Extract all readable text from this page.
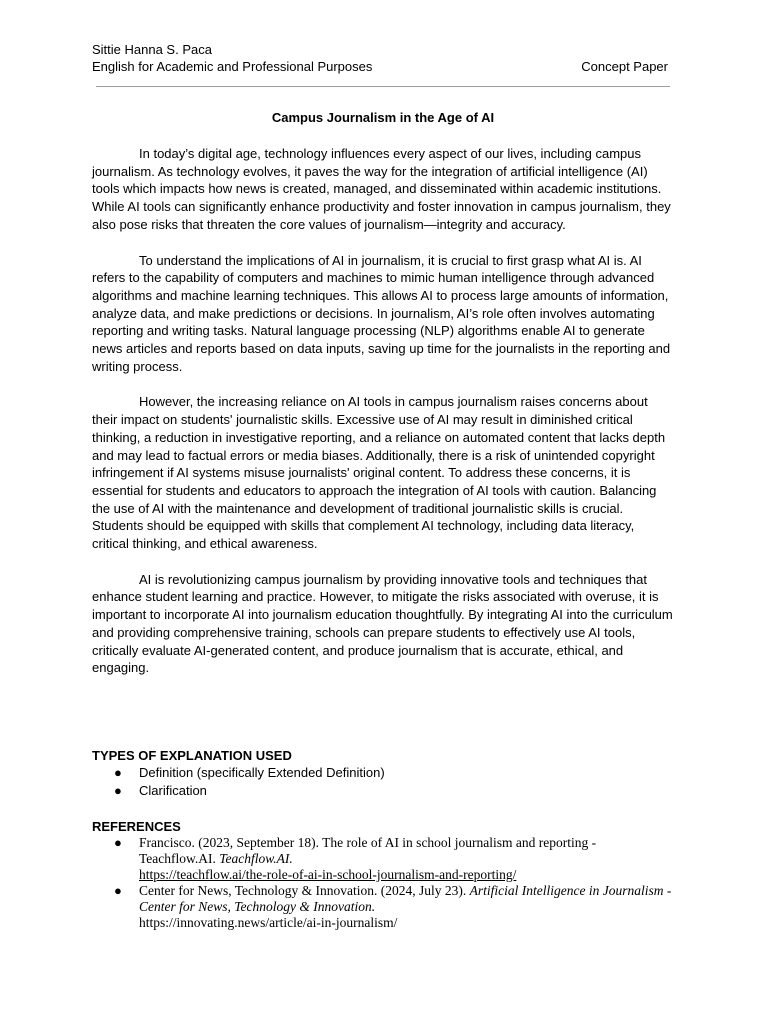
Sittie Hanna S. Paca
English for Academic and Professional Purposes	Concept Paper
Campus Journalism in the Age of AI

In today’s digital age, technology influences every aspect of our lives, including campus journalism. As technology evolves, it paves the way for the integration of artificial intelligence (AI) tools which impacts how news is created, managed, and disseminated within academic institutions. While AI tools can significantly enhance productivity and foster innovation in campus journalism, they also pose risks that threaten the core values of journalism—integrity and accuracy.

To understand the implications of AI in journalism, it is crucial to first grasp what AI is. AI refers to the capability of computers and machines to mimic human intelligence through advanced algorithms and machine learning techniques. This allows AI to process large amounts of information, analyze data, and make predictions or decisions. In journalism, AI’s role often involves automating reporting and writing tasks. Natural language processing (NLP) algorithms enable AI to generate news articles and reports based on data inputs, saving up time for the journalists in the reporting and writing process.

However, the increasing reliance on AI tools in campus journalism raises concerns about their impact on students' journalistic skills. Excessive use of AI may result in diminished critical thinking, a reduction in investigative reporting, and a reliance on automated content that lacks depth and may lead to factual errors or media biases. Additionally, there is a risk of unintended copyright infringement if AI systems misuse journalists' original content. To address these concerns, it is essential for students and educators to approach the integration of AI tools with caution. Balancing the use of AI with the maintenance and development of traditional journalistic skills is crucial. Students should be equipped with skills that complement AI technology, including data literacy, critical thinking, and ethical awareness.

AI is revolutionizing campus journalism by providing innovative tools and techniques that enhance student learning and practice. However, to mitigate the risks associated with overuse, it is important to incorporate AI into journalism education thoughtfully. By integrating AI into the curriculum and providing comprehensive training, schools can prepare students to effectively use AI tools, critically evaluate AI-generated content, and produce journalism that is accurate, ethical, and engaging.

TYPES OF EXPLANATION USED

● Definition (specifically Extended Definition)
● Clarification

REFERENCES

● Francisco. (2023, September 18). The role of AI in school journalism and reporting - Teachflow.AI. Teachflow.AI.
https://teachflow.ai/the-role-of-ai-in-school-journalism-and-reporting/
● Center for News, Technology & Innovation. (2024, July 23). Artificial Intelligence in Journalism - Center for News, Technology & Innovation.
https://innovating.news/article/ai-in-journalism/
